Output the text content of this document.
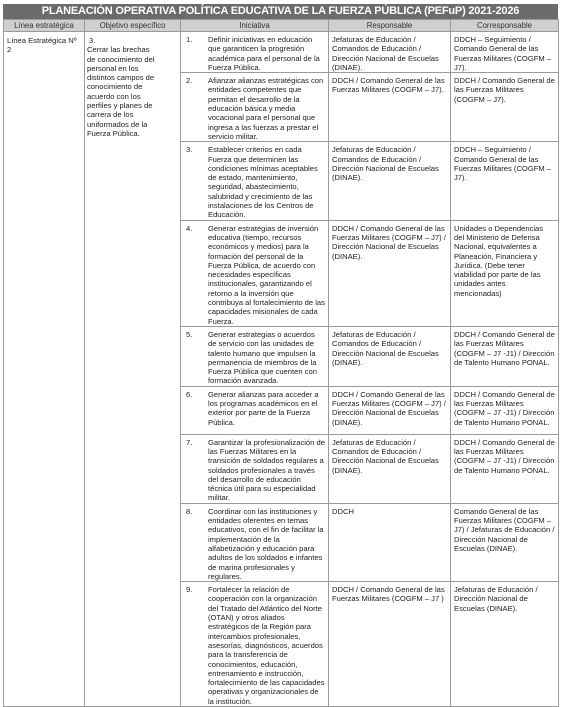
PLANEACIÓN OPERATIVA POLÍTICA EDUCATIVA DE LA FUERZA PÚBLICA (PEFuP) 2021-2026
Línea estratégica	Objetivo específico	Iniciativa	Responsable	Corresponsable
Línea Estratégica Nº 2	3.Cerrar las brechas de conocimiento del personal en los distintos campos de conocimiento de acuerdo con los perfiles y planes de carrera de los uniformados de la Fuerza Pública.	1. Definir iniciativas en educación que garanticen la progresión académica para el personal de la Fuerza Pública.	Jefaturas de Educación / Comandos de Educación / Dirección Nacional de Escuelas (DINAE).	DDCH – Seguimiento / Comando General de las Fuerzas Militares (COGFM – J7).

		2. Afianzar alianzas estratégicas con entidades competentes que permitan el desarrollo de la educación básica y media vocacional para el personal que ingresa a las fuerzas a prestar el servicio militar.	DDCH / Comando General de las Fuerzas Militares (COGFM – J7).	DDCH / Comando General de las Fuerzas Militares (COGFM – J7).

		3. Establecer criterios en cada Fuerza que determinen las condiciones mínimas aceptables de estado, mantenimiento, seguridad, abastecimiento, salubridad y crecimiento de las instalaciones de los Centros de Educación.	Jefaturas de Educación / Comandos de Educación / Dirección Nacional de Escuelas (DINAE).	DDCH – Seguimiento / Comando General de las Fuerzas Militares (COGFM – J7).

		4. Generar estrategias de inversión educativa (tiempo, recursos económicos y medios) para la formación del personal de la Fuerza Pública, de acuerdo con necesidades específicas institucionales, garantizando el retorno a la inversión que contribuya al fortalecimiento de las capacidades misionales de cada Fuerza.	DDCH / Comando General de las Fuerzas Militares (COGFM – J7) / Dirección Nacional de Escuelas (DINAE).	Unidades o Dependencias del Ministerio de Defensa Nacional, equivalentes a Planeación, Financiera y Jurídica. (Debe tener viabilidad por parte de las unidades antes mencionadas)

		5. Generar estrategias o acuerdos de servicio con las unidades de talento humano que impulsen la permanencia de miembros de la Fuerza Pública que cuenten con formación avanzada.	Jefaturas de Educación / Comandos de Educación / Dirección Nacional de Escuelas (DINAE).	DDCH / Comando General de las Fuerzas Militares (COGFM – J7 -J1) / Dirección de Talento Humano PONAL.

		6. Generar alianzas para acceder a los programas académicos en el exterior por parte de la Fuerza Pública.	DDCH / Comando General de las Fuerzas Militares (COGFM – J7) / Dirección Nacional de Escuelas (DINAE).	DDCH / Comando General de las Fuerzas Militares (COGFM – J7 -J1) / Dirección de Talento Humano PONAL.

		7. Garantizar la profesionalización de las Fuerzas Militares en la transición de soldados regulares a soldados profesionales a través del desarrollo de educación técnica útil para su especialidad militar.	Jefaturas de Educación / Comandos de Educación / Dirección Nacional de Escuelas (DINAE).	DDCH / Comando General de las Fuerzas Militares (COGFM – J7 -J1) / Dirección de Talento Humano PONAL.

		8. Coordinar con las instituciones y entidades oferentes en temas educativos, con el fin de facilitar la implementación de la alfabetización y educación para adultos de los soldados e infantes de marina profesionales y regulares.	DDCH	Comando General de las Fuerzas Militares (COGFM – J7) / Jefaturas de Educación / Dirección Nacional de Escuelas (DINAE).

		9. Fortalecer la relación de cooperación con la organización del Tratado del Atlántico del Norte (OTAN) y otros aliados estratégicos de la Región para intercambios profesionales, asesorías, diagnósticos, acuerdos para la transferencia de conocimientos, educación, entrenamiento e instrucción, fortalecimiento de las capacidades operativas y organizacionales de la institución.	DDCH / Comando General de las Fuerzas Militares (COGFM – J7 )	Jefaturas de Educación / Dirección Nacional de Escuelas (DINAE).
